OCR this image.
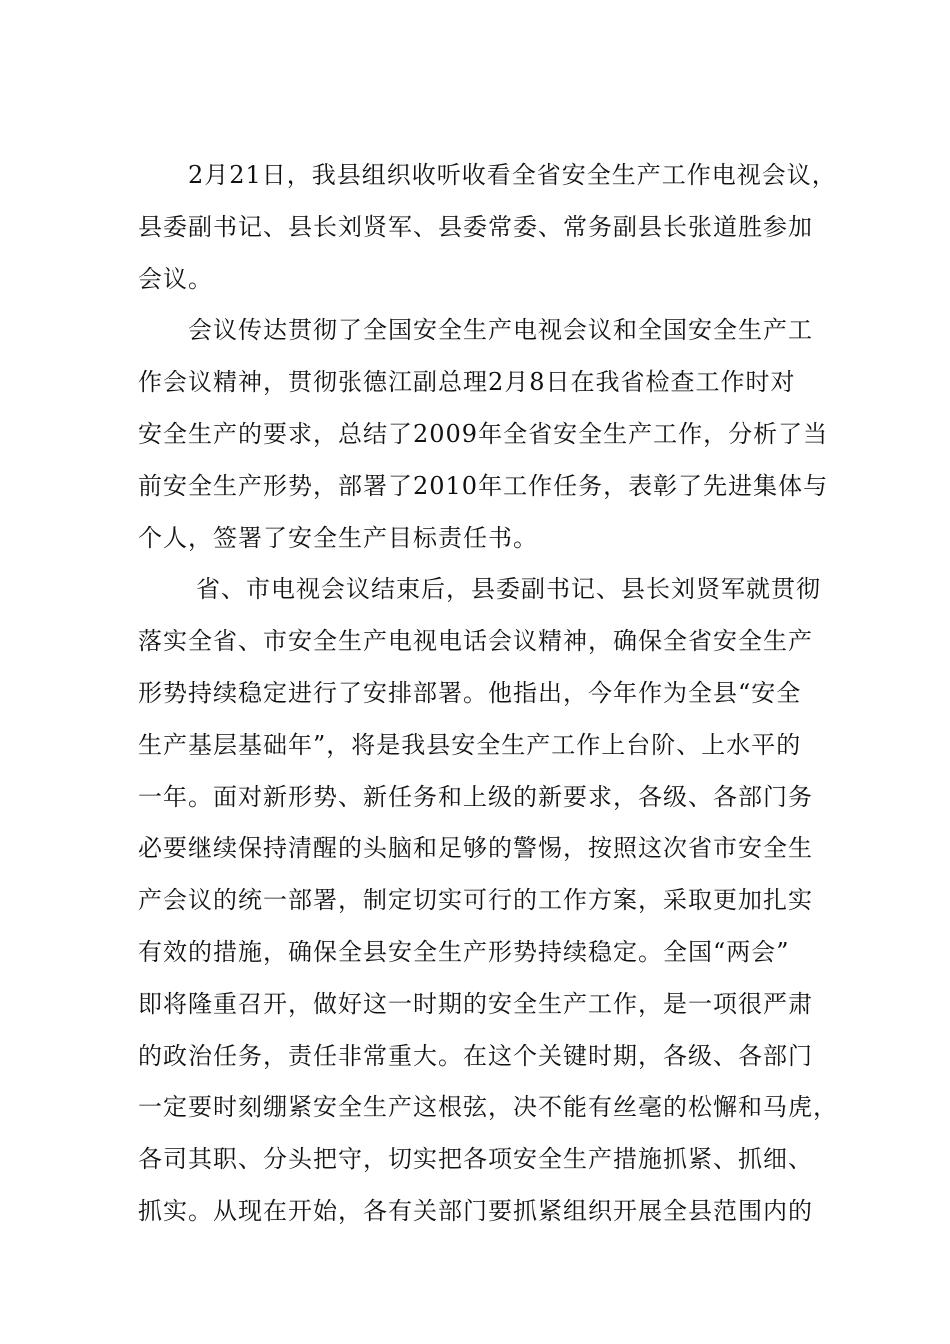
2月21日，我县组织收听收看全省安全生产工作电视会议，
县委副书记、县长刘贤军、县委常委、常务副县长张道胜参加
会议。
会议传达贯彻了全国安全生产电视会议和全国安全生产工
作会议精神，贯彻张德江副总理2月8日在我省检查工作时对
安全生产的要求，总结了2009年全省安全生产工作，分析了当
前安全生产形势，部署了2010年工作任务，表彰了先进集体与
个人，签署了安全生产目标责任书。
省、市电视会议结束后，县委副书记、县长刘贤军就贯彻
落实全省、市安全生产电视电话会议精神，确保全省安全生产
形势持续稳定进行了安排部署。他指出，今年作为全县“安全
生产基层基础年”，将是我县安全生产工作上台阶、上水平的
一年。面对新形势、新任务和上级的新要求，各级、各部门务
必要继续保持清醒的头脑和足够的警惕，按照这次省市安全生
产会议的统一部署，制定切实可行的工作方案，采取更加扎实
有效的措施，确保全县安全生产形势持续稳定。全国“两会”
即将隆重召开，做好这一时期的安全生产工作，是一项很严肃
的政治任务，责任非常重大。在这个关键时期，各级、各部门
一定要时刻绷紧安全生产这根弦，决不能有丝毫的松懈和马虎，
各司其职、分头把守，切实把各项安全生产措施抓紧、抓细、
抓实。从现在开始，各有关部门要抓紧组织开展全县范围内的
